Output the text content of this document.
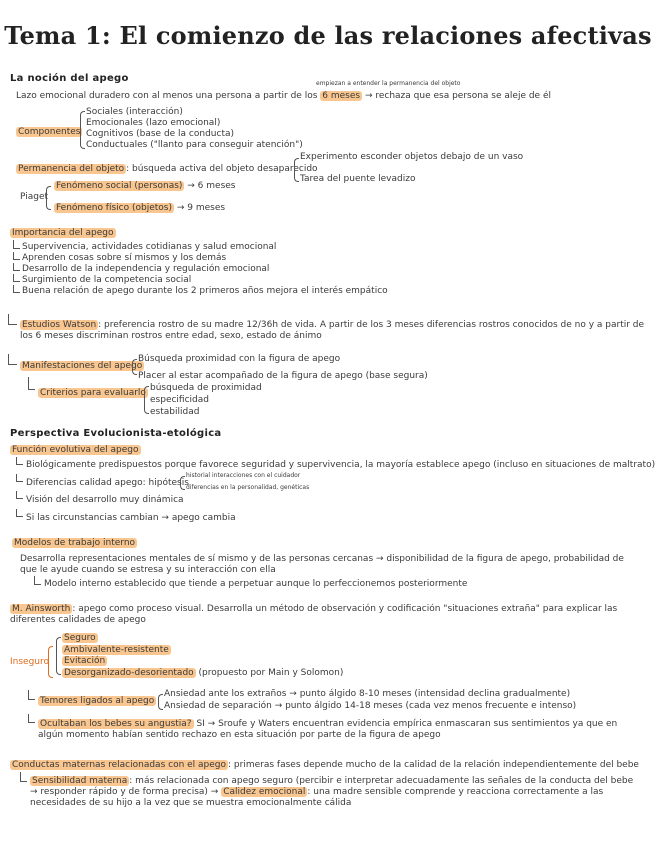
Tema 1: El comienzo de las relaciones afectivas
La noción del apego	empiezan a entender la permanencia del objeto
Lazo emocional duradero con al menos una persona a partir de los 6 meses → rechaza que esa persona se aleje de él
Componentes
Sociales (interacción)
Emocionales (lazo emocional)
Cognitivos (base de la conducta)
Conductuales ("llanto para conseguir atención")
Permanencia del objeto : búsqueda activa del objeto desaparecido
Experimento esconder objetos debajo de un vaso
Tarea del puente levadizo
Piaget
Fenómeno social (personas) → 6 meses
Fenómeno físico (objetos) → 9 meses
Importancia del apego
Supervivencia, actividades cotidianas y salud emocional
Aprenden cosas sobre sí mismos y los demás
Desarrollo de la independencia y regulación emocional
Surgimiento de la competencia social
Buena relación de apego durante los 2 primeros años mejora el interés empático
Estudios Watson : preferencia rostro de su madre 12/36h de vida. A partir de los 3 meses diferencias rostros conocidos de no y a partir de los 6 meses discriminan rostros entre edad, sexo, estado de ánimo
Manifestaciones del apego
Búsqueda proximidad con la figura de apego
Placer al estar acompañado de la figura de apego (base segura)
Criterios para evaluarlo búsqueda de proximidad
especificidad
estabilidad
Perspectiva Evolucionista-etológica
Función evolutiva del apego
Biológicamente predispuestos porque favorece seguridad y supervivencia, la mayoría establece apego (incluso en situaciones de maltrato)
Diferencias calidad apego: hipótesis
historial interacciones con el cuidador
diferencias en la personalidad, genéticas
Visión del desarrollo muy dinámica
Si las circunstancias cambian → apego cambia
Modelos de trabajo interno
Desarrolla representaciones mentales de sí mismo y de las personas cercanas → disponibilidad de la figura de apego, probabilidad de que le ayude cuando se estresa y su interacción con ella
Modelo interno establecido que tiende a perpetuar aunque lo perfeccionemos posteriormente
M. Ainsworth : apego como proceso visual. Desarrolla un método de observación y codificación "situaciones extraña" para explicar las diferentes calidades de apego
Inseguro
Seguro
Ambivalente-resistente
Evitación
Desorganizado-desorientado (propuesto por Main y Solomon)
Temores ligados al apego
Ansiedad ante los extraños → punto álgido 8-10 meses (intensidad declina gradualmente)
Ansiedad de separación → punto álgido 14-18 meses (cada vez menos frecuente e intenso)
Ocultaban los bebes su angustia? SI → Sroufe y Waters encuentran evidencia empírica enmascaran sus sentimientos ya que en algún momento habían sentido rechazo en esta situación por parte de la figura de apego
Conductas maternas relacionadas con el apego : primeras fases depende mucho de la calidad de la relación independientemente del bebe
Sensibilidad materna : más relacionada con apego seguro (percibir e interpretar adecuadamente las señales de la conducta del bebe → responder rápido y de forma precisa) → Calidez emocional : una madre sensible comprende y reacciona correctamente a las necesidades de su hijo a la vez que se muestra emocionalmente cálida
